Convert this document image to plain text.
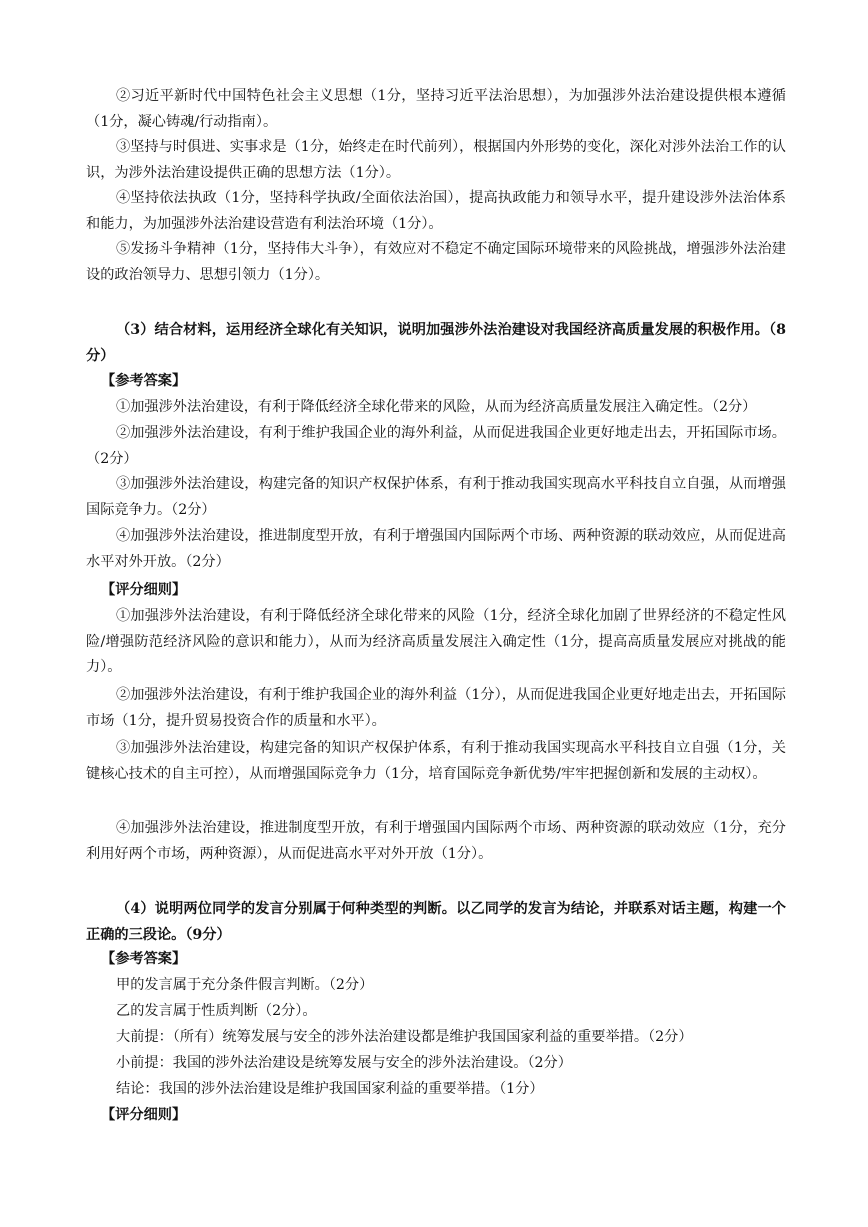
②习近平新时代中国特色社会主义思想（1分，坚持习近平法治思想），为加强涉外法治建设提供根本遵循（1分，凝心铸魂/行动指南）。

③坚持与时俱进、实事求是（1分，始终走在时代前列），根据国内外形势的变化，深化对涉外法治工作的认识，为涉外法治建设提供正确的思想方法（1分）。

④坚持依法执政（1分，坚持科学执政/全面依法治国），提高执政能力和领导水平，提升建设涉外法治体系和能力，为加强涉外法治建设营造有利法治环境（1分）。

⑤发扬斗争精神（1分，坚持伟大斗争），有效应对不稳定不确定国际环境带来的风险挑战，增强涉外法治建设的政治领导力、思想引领力（1分）。

（3）结合材料，运用经济全球化有关知识，说明加强涉外法治建设对我国经济高质量发展的积极作用。（8分）

【参考答案】

①加强涉外法治建设，有利于降低经济全球化带来的风险，从而为经济高质量发展注入确定性。（2分）

②加强涉外法治建设，有利于维护我国企业的海外利益，从而促进我国企业更好地走出去，开拓国际市场。（2分）

③加强涉外法治建设，构建完备的知识产权保护体系，有利于推动我国实现高水平科技自立自强，从而增强国际竞争力。（2分）

④加强涉外法治建设，推进制度型开放，有利于增强国内国际两个市场、两种资源的联动效应，从而促进高水平对外开放。（2分）

【评分细则】

①加强涉外法治建设，有利于降低经济全球化带来的风险（1分，经济全球化加剧了世界经济的不稳定性风险/增强防范经济风险的意识和能力），从而为经济高质量发展注入确定性（1分，提高高质量发展应对挑战的能力）。

②加强涉外法治建设，有利于维护我国企业的海外利益（1分），从而促进我国企业更好地走出去，开拓国际市场（1分，提升贸易投资合作的质量和水平）。

③加强涉外法治建设，构建完备的知识产权保护体系，有利于推动我国实现高水平科技自立自强（1分，关键核心技术的自主可控），从而增强国际竞争力（1分，培育国际竞争新优势/牢牢把握创新和发展的主动权）。

④加强涉外法治建设，推进制度型开放，有利于增强国内国际两个市场、两种资源的联动效应（1分，充分利用好两个市场，两种资源），从而促进高水平对外开放（1分）。

（4）说明两位同学的发言分别属于何种类型的判断。以乙同学的发言为结论，并联系对话主题，构建一个正确的三段论。（9分）

【参考答案】

甲的发言属于充分条件假言判断。（2分）

乙的发言属于性质判断（2分）。

大前提：（所有）统筹发展与安全的涉外法治建设都是维护我国国家利益的重要举措。（2分）

小前提：我国的涉外法治建设是统筹发展与安全的涉外法治建设。（2分）

结论：我国的涉外法治建设是维护我国国家利益的重要举措。（1分）

【评分细则】
